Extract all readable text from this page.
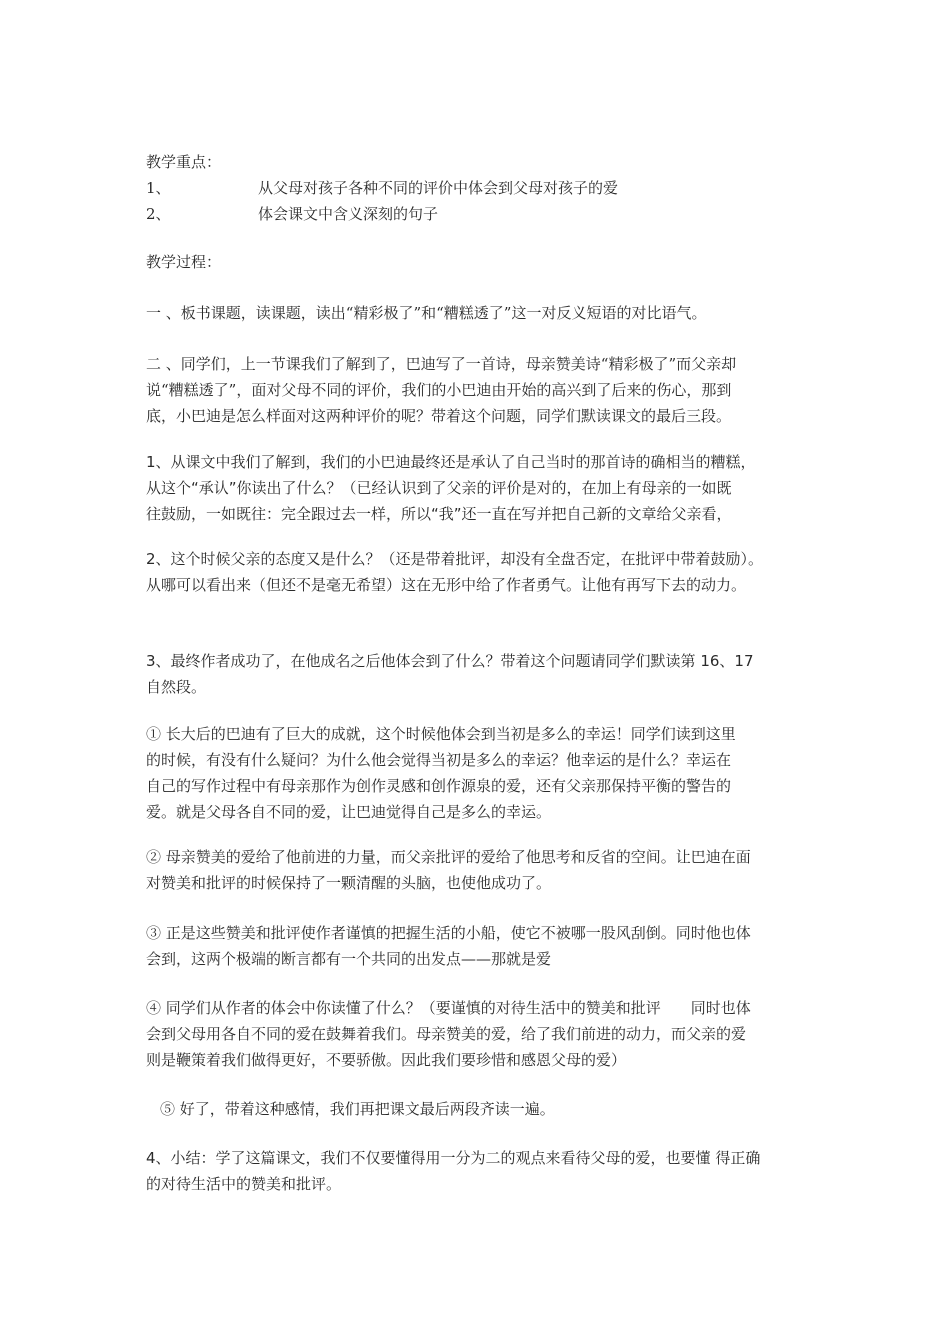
教学重点：
1、	从父母对孩子各种不同的评价中体会到父母对孩子的爱
2、	体会课文中含义深刻的句子
教学过程：
一 、板书课题，读课题，读出“精彩极了”和“糟糕透了”这一对反义短语的对比语气。
二 、同学们，上一节课我们了解到了，巴迪写了一首诗，母亲赞美诗“精彩极了”而父亲却
说“糟糕透了”，面对父母不同的评价，我们的小巴迪由开始的高兴到了后来的伤心，那到
底，小巴迪是怎么样面对这两种评价的呢？带着这个问题，同学们默读课文的最后三段。
1、从课文中我们了解到，我们的小巴迪最终还是承认了自己当时的那首诗的确相当的糟糕，
从这个“承认”你读出了什么？（已经认识到了父亲的评价是对的，在加上有母亲的一如既
往鼓励，一如既往：完全跟过去一样，所以“我”还一直在写并把自己新的文章给父亲看，
2、这个时候父亲的态度又是什么？（还是带着批评，却没有全盘否定，在批评中带着鼓励）。
从哪可以看出来（但还不是毫无希望）这在无形中给了作者勇气。让他有再写下去的动力。
3、最终作者成功了，在他成名之后他体会到了什么？带着这个问题请同学们默读第 16、17
自然段。
① 长大后的巴迪有了巨大的成就，这个时候他体会到当初是多么的幸运！同学们读到这里
的时候，有没有什么疑问？为什么他会觉得当初是多么的幸运？他幸运的是什么？幸运在
自己的写作过程中有母亲那作为创作灵感和创作源泉的爱，还有父亲那保持平衡的警告的
爱。就是父母各自不同的爱，让巴迪觉得自己是多么的幸运。
② 母亲赞美的爱给了他前进的力量，而父亲批评的爱给了他思考和反省的空间。让巴迪在面
对赞美和批评的时候保持了一颗清醒的头脑，也使他成功了。
③ 正是这些赞美和批评使作者谨慎的把握生活的小船，使它不被哪一股风刮倒。同时他也体
会到，这两个极端的断言都有一个共同的出发点——那就是爱
④ 同学们从作者的体会中你读懂了什么？（要谨慎的对待生活中的赞美和批评　　同时也体
会到父母用各自不同的爱在鼓舞着我们。母亲赞美的爱，给了我们前进的动力，而父亲的爱
则是鞭策着我们做得更好，不要骄傲。因此我们要珍惜和感恩父母的爱）
⑤ 好了，带着这种感情，我们再把课文最后两段齐读一遍。
4、小结：学了这篇课文，我们不仅要懂得用一分为二的观点来看待父母的爱，也要懂 得正确
的对待生活中的赞美和批评。
